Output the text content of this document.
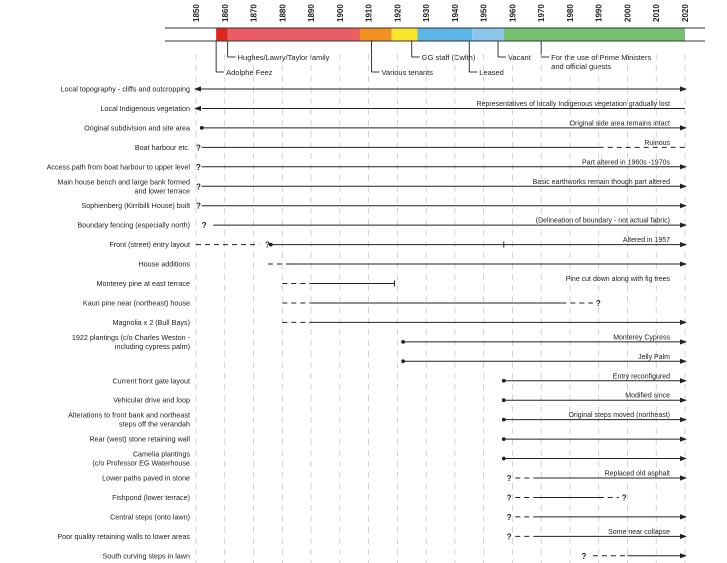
1850 1860 1870 1880 1890 1900 1910 1920 1930 1940 1950 1960 1970 1980 1990 2000 2010 2020
Hughes/Lawry/Taylor family
Adolphe Feez	Various tenants
GG staff (Cwlth)
Leased
Vacant	For the use of Prime Ministers
and official guests
Local topography - cliffs and outcropping
Local Indigenous vegetation	Representatives of locally Indigenous vegetation gradually lost
Original subdivision and site area	Original side area remains intact
Boat harbour etc. ?	Ruinous
Access path from boat harbour to upper level ?	Part altered in 1960s -1970s
Main house bench and large bank formed
and lower terrace ?	Basic earthworks remain though part altered
Sophienberg (Kirribilli House) built ?
Boundary fencing (especially north) ?	(Delineation of boundary - not actual fabric)
Front (street) entry layout	?	Altered in 1957
House additions
Monterey pine at east terrace	Pine cut down along with fig trees
Kauri pine near (northeast) house	?
Magnolia x 2 (Bull Bays)
1922 plantings (c/o Charles Weston -
including cypress palm)
Monterey Cypress
Jelly Palm
Current front gate layout	Entry reconfigured
Vehicular drive and loop	Modified since
Alterations to front bank and northeast
steps off the verandah
Original steps moved (northeast)
Rear (west) stone retaining wall
Camelia plantings
(c/o Professor EG Waterhouse
Lower paths paved in stone	?	Replaced old asphalt
Fishpond (lower terrace)	?	?
Central steps (onto lawn)	?
Poor quality retaining walls to lower areas	?	Some near collapse
South curving steps in lawn	?
